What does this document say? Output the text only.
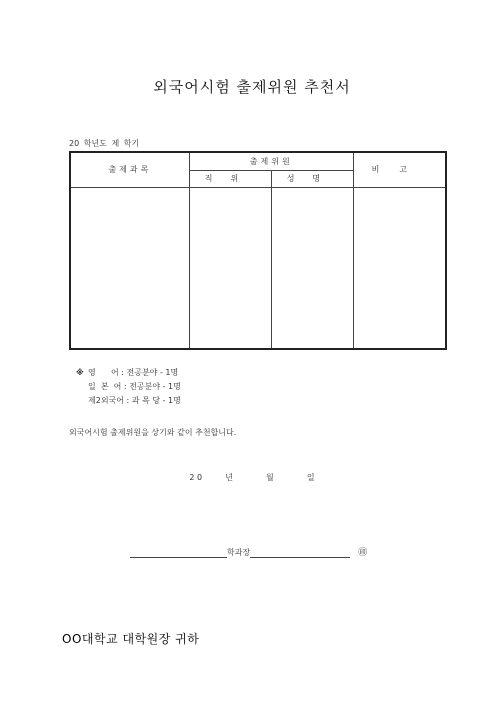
외국어시험 출제위원 추천서
20 학년도 제 학기
출제과목	출제위원		비고
	직위	성명	

※ 영      어 : 전공분야 - 1명
일  본  어 : 전공분야 - 1명
제2외국어 : 과 목 당 - 1명
외국어시험 출제위원을 상기와 같이 추천합니다.
2 0	년	월	일
학과장	㊞
OO대학교 대학원장 귀하
